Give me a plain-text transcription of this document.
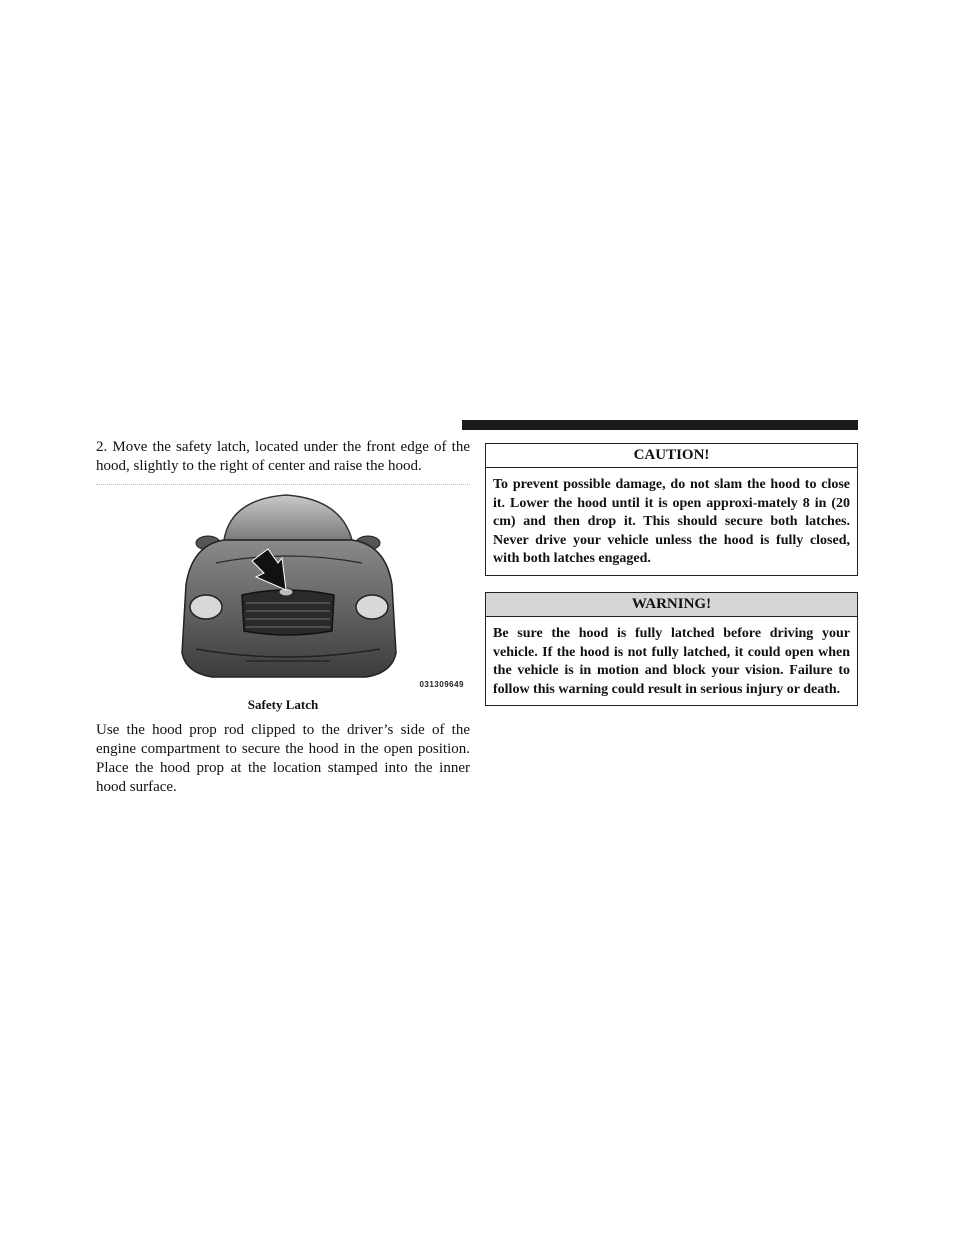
2. Move the safety latch, located under the front edge of the hood, slightly to the right of center and raise the hood.

031309649
Safety Latch

Use the hood prop rod clipped to the driver’s side of the engine compartment to secure the hood in the open position. Place the hood prop at the location stamped into the inner hood surface.

CAUTION!
To prevent possible damage, do not slam the hood to close it. Lower the hood until it is open approxi-mately 8 in (20 cm) and then drop it. This should secure both latches. Never drive your vehicle unless the hood is fully closed, with both latches engaged.
WARNING!
Be sure the hood is fully latched before driving your vehicle. If the hood is not fully latched, it could open when the vehicle is in motion and block your vision. Failure to follow this warning could result in serious injury or death.
